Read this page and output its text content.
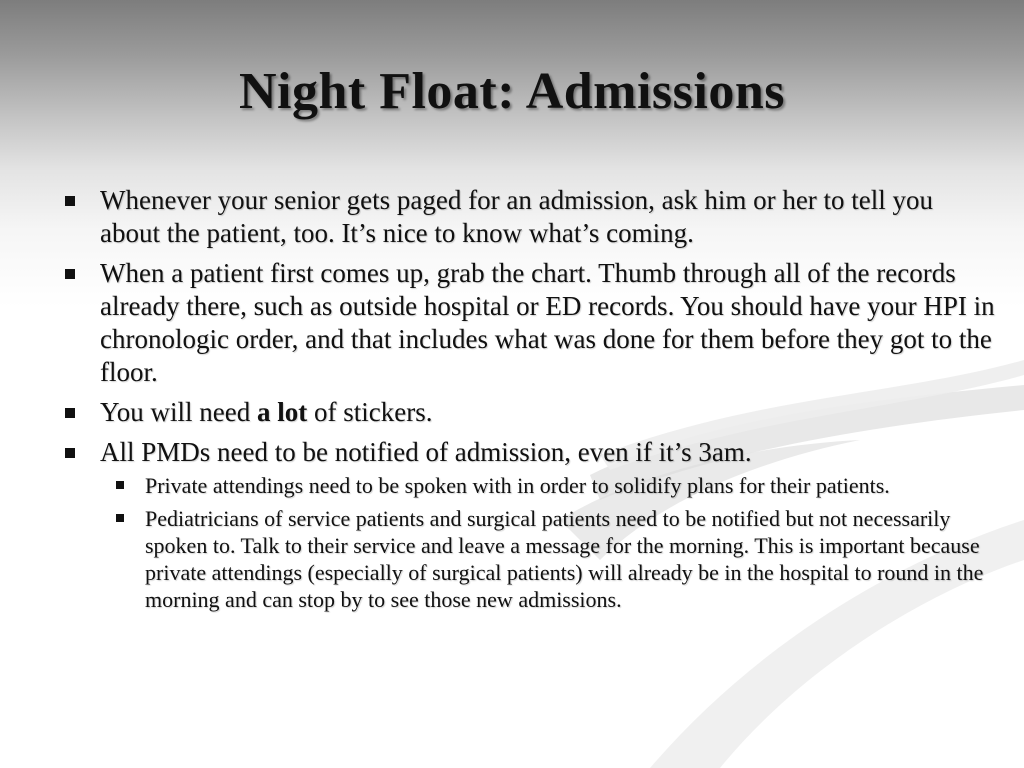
Night Float: Admissions
Whenever your senior gets paged for an admission, ask him or her to tell you about the patient, too. It’s nice to know what’s coming.
When a patient first comes up, grab the chart. Thumb through all of the records already there, such as outside hospital or ED records. You should have your HPI in chronologic order, and that includes what was done for them before they got to the floor.
You will need a lot of stickers.
All PMDs need to be notified of admission, even if it’s 3am.
Private attendings need to be spoken with in order to solidify plans for their patients.
Pediatricians of service patients and surgical patients need to be notified but not necessarily spoken to. Talk to their service and leave a message for the morning. This is important because private attendings (especially of surgical patients) will already be in the hospital to round in the morning and can stop by to see those new admissions.
